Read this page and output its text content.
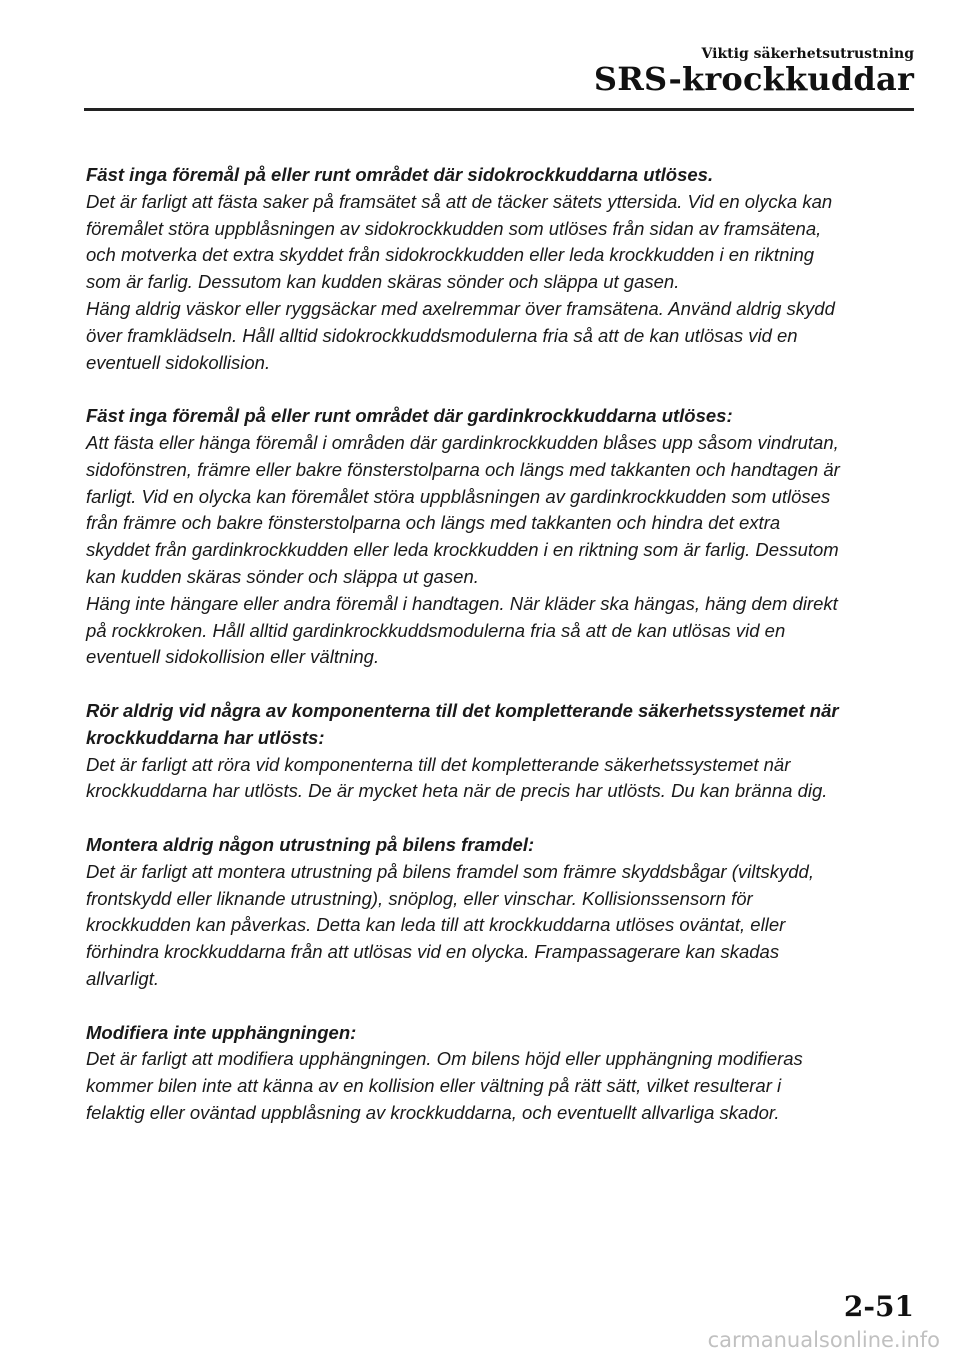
Viktig säkerhetsutrustning
SRS-krockkuddar
Fäst inga föremål på eller runt området där sidokrockkuddarna utlöses.
Det är farligt att fästa saker på framsätet så att de täcker sätets yttersida. Vid en olycka kan
föremålet störa uppblåsningen av sidokrockkudden som utlöses från sidan av framsätena,
och motverka det extra skyddet från sidokrockkudden eller leda krockkudden i en riktning
som är farlig. Dessutom kan kudden skäras sönder och släppa ut gasen.
Häng aldrig väskor eller ryggsäckar med axelremmar över framsätena. Använd aldrig skydd
över framklädseln. Håll alltid sidokrockkuddsmodulerna fria så att de kan utlösas vid en
eventuell sidokollision.
Fäst inga föremål på eller runt området där gardinkrockkuddarna utlöses:
Att fästa eller hänga föremål i områden där gardinkrockkudden blåses upp såsom vindrutan,
sidofönstren, främre eller bakre fönsterstolparna och längs med takkanten och handtagen är
farligt. Vid en olycka kan föremålet störa uppblåsningen av gardinkrockkudden som utlöses
från främre och bakre fönsterstolparna och längs med takkanten och hindra det extra
skyddet från gardinkrockkudden eller leda krockkudden i en riktning som är farlig. Dessutom
kan kudden skäras sönder och släppa ut gasen.
Häng inte hängare eller andra föremål i handtagen. När kläder ska hängas, häng dem direkt
på rockkroken. Håll alltid gardinkrockkuddsmodulerna fria så att de kan utlösas vid en
eventuell sidokollision eller vältning.
Rör aldrig vid några av komponenterna till det kompletterande säkerhetssystemet när
krockkuddarna har utlösts:
Det är farligt att röra vid komponenterna till det kompletterande säkerhetssystemet när
krockkuddarna har utlösts. De är mycket heta när de precis har utlösts. Du kan bränna dig.
Montera aldrig någon utrustning på bilens framdel:
Det är farligt att montera utrustning på bilens framdel som främre skyddsbågar (viltskydd,
frontskydd eller liknande utrustning), snöplog, eller vinschar. Kollisionssensorn för
krockkudden kan påverkas. Detta kan leda till att krockkuddarna utlöses oväntat, eller
förhindra krockkuddarna från att utlösas vid en olycka. Frampassagerare kan skadas
allvarligt.
Modiﬁera inte upphängningen:
Det är farligt att modiﬁera upphängningen. Om bilens höjd eller upphängning modiﬁeras
kommer bilen inte att känna av en kollision eller vältning på rätt sätt, vilket resulterar i
felaktig eller oväntad uppblåsning av krockkuddarna, och eventuellt allvarliga skador.
2-51
carmanualsonline.info
